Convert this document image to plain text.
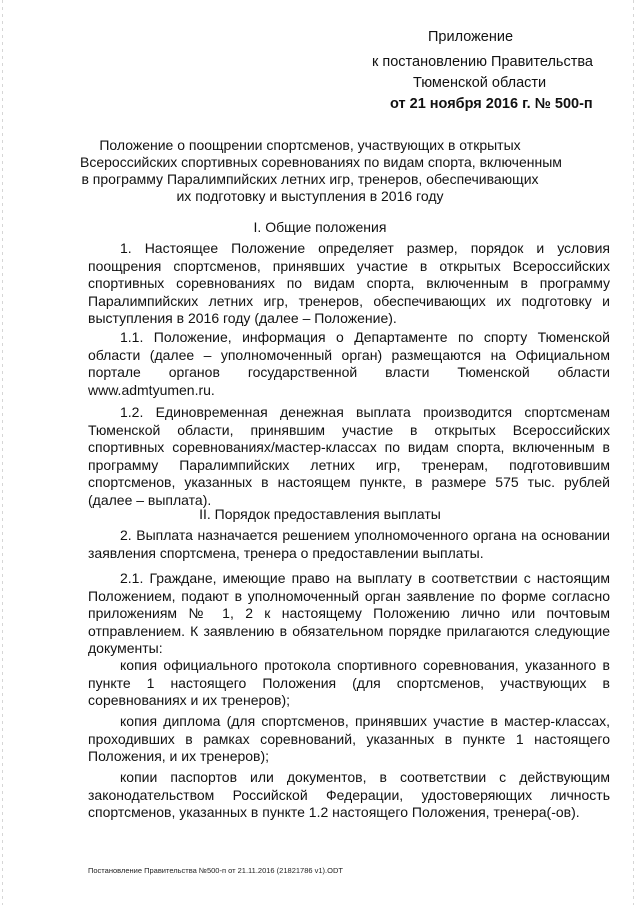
Приложение
к постановлению Правительства
Тюменской области
от 21 ноября 2016 г. № 500-п
Положение о поощрении спортсменов, участвующих в открытых
Всероссийских спортивных соревнованиях по видам спорта, включенным
в программу Паралимпийских летних игр, тренеров, обеспечивающих
их подготовку и выступления в 2016 году
I. Общие положения
1. Настоящее Положение определяет размер, порядок и условия
поощрения спортсменов, принявших участие в открытых Всероссийских
спортивных соревнованиях по видам спорта, включенным в программу
Паралимпийских летних игр, тренеров, обеспечивающих их подготовку и
выступления в 2016 году (далее – Положение).
1.1. Положение, информация о Департаменте по спорту Тюменской
области (далее – уполномоченный орган) размещаются на Официальном
портале органов государственной власти Тюменской области
www.admtyumen.ru.
1.2. Единовременная денежная выплата производится спортсменам
Тюменской области, принявшим участие в открытых Всероссийских
спортивных соревнованиях/мастер-классах по видам спорта, включенным в
программу Паралимпийских летних игр, тренерам, подготовившим
спортсменов, указанных в настоящем пункте, в размере 575 тыс. рублей
(далее – выплата).
II. Порядок предоставления выплаты
2. Выплата назначается решением уполномоченного органа на основании
заявления спортсмена, тренера о предоставлении выплаты.
2.1. Граждане, имеющие право на выплату в соответствии с настоящим
Положением, подают в уполномоченный орган заявление по форме согласно
приложениям № 1, 2 к настоящему Положению лично или почтовым
отправлением. К заявлению в обязательном порядке прилагаются следующие
документы:
копия официального протокола спортивного соревнования, указанного в
пункте 1 настоящего Положения (для спортсменов, участвующих в
соревнованиях и их тренеров);
копия диплома (для спортсменов, принявших участие в мастер-классах,
проходивших в рамках соревнований, указанных в пункте 1 настоящего
Положения, и их тренеров);
копии паспортов или документов, в соответствии с действующим
законодательством Российской Федерации, удостоверяющих личность
спортсменов, указанных в пункте 1.2 настоящего Положения, тренера(-ов).
Постановление Правительства №500-п от 21.11.2016 (21821786 v1).ODT
